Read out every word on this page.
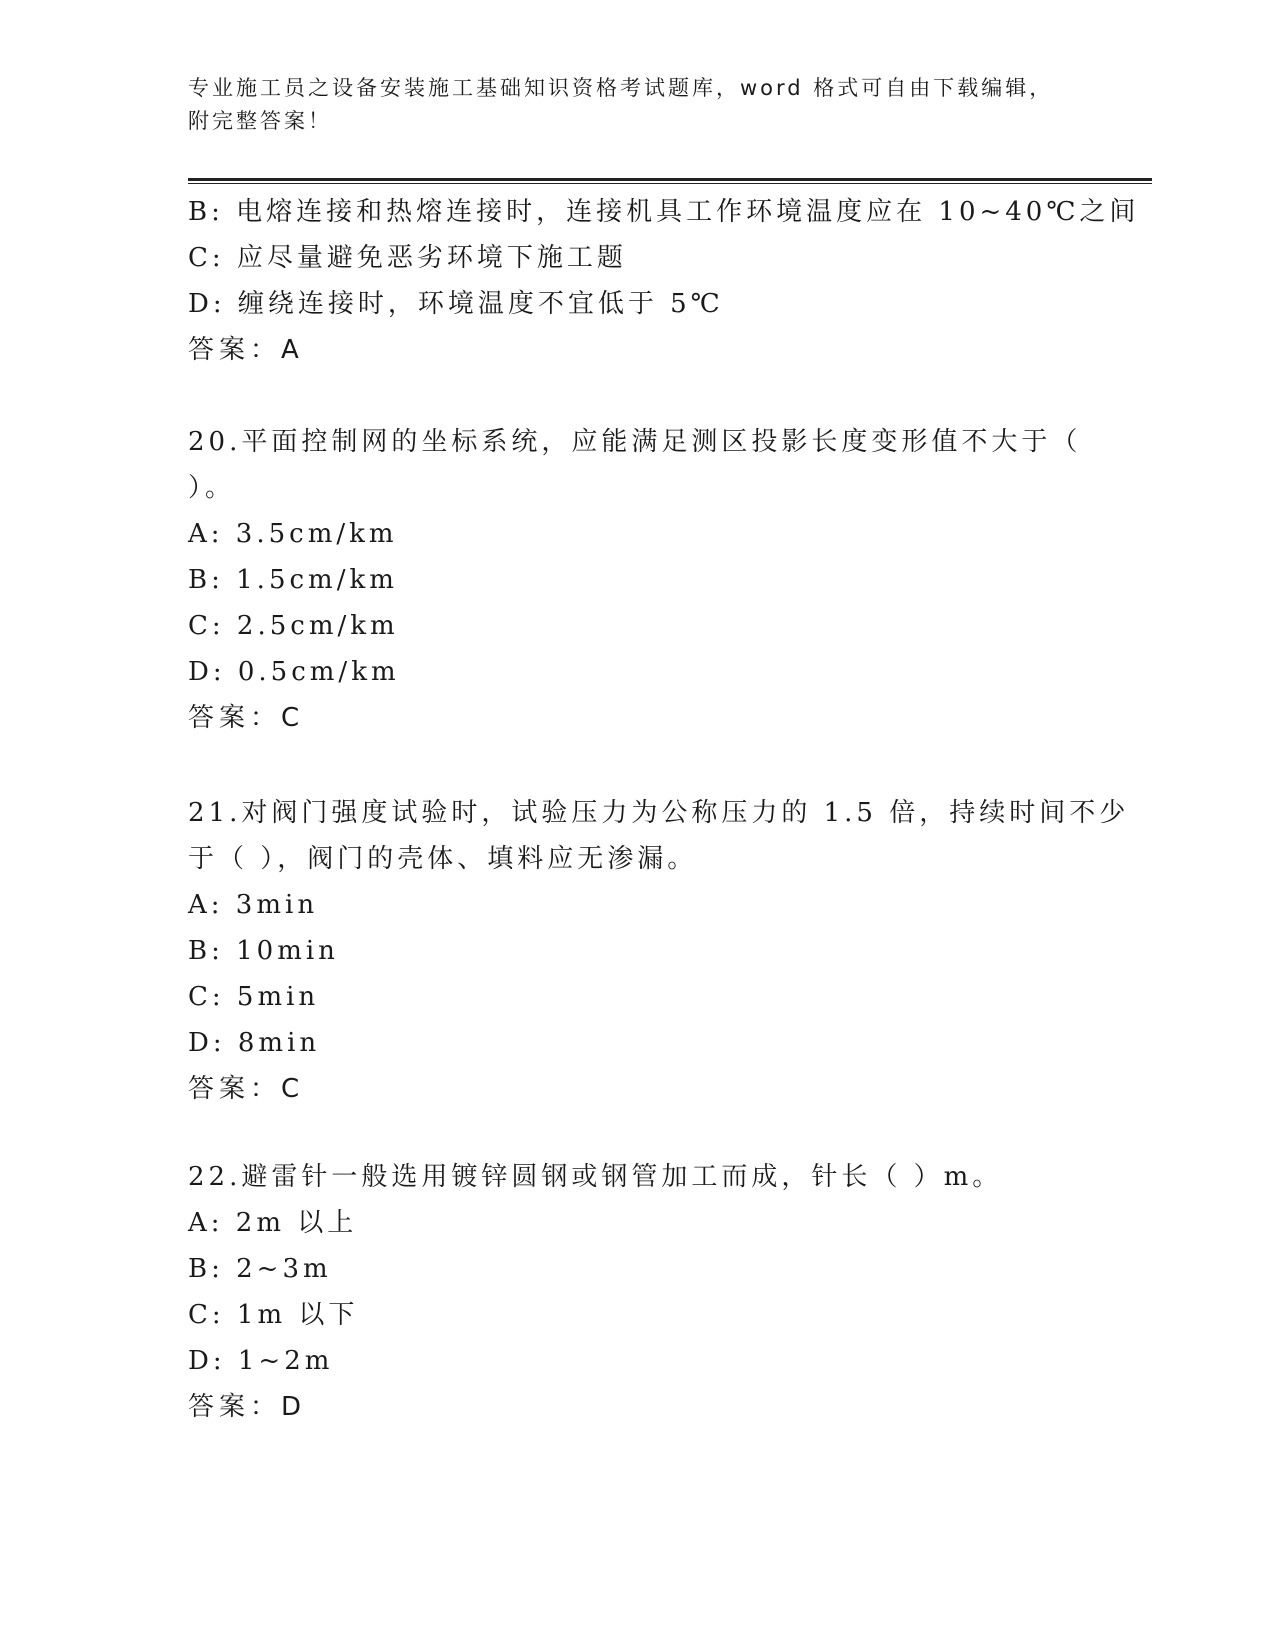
专业施工员之设备安装施工基础知识资格考试题库，word 格式可自由下载编辑，
附完整答案！
B: 电熔连接和热熔连接时，连接机具工作环境温度应在 10~40℃之间
C: 应尽量避免恶劣环境下施工题
D: 缠绕连接时，环境温度不宜低于 5℃
答案：A
20.平面控制网的坐标系统，应能满足测区投影长度变形值不大于（
）。
A: 3.5cm/km
B: 1.5cm/km
C: 2.5cm/km
D: 0.5cm/km
答案：C
21.对阀门强度试验时，试验压力为公称压力的 1.5 倍，持续时间不少
于（ ），阀门的壳体、填料应无渗漏。
A: 3min
B: 10min
C: 5min
D: 8min
答案：C
22.避雷针一般选用镀锌圆钢或钢管加工而成，针长（ ）m。
A: 2m 以上
B: 2~3m
C: 1m 以下
D: 1~2m
答案：D
